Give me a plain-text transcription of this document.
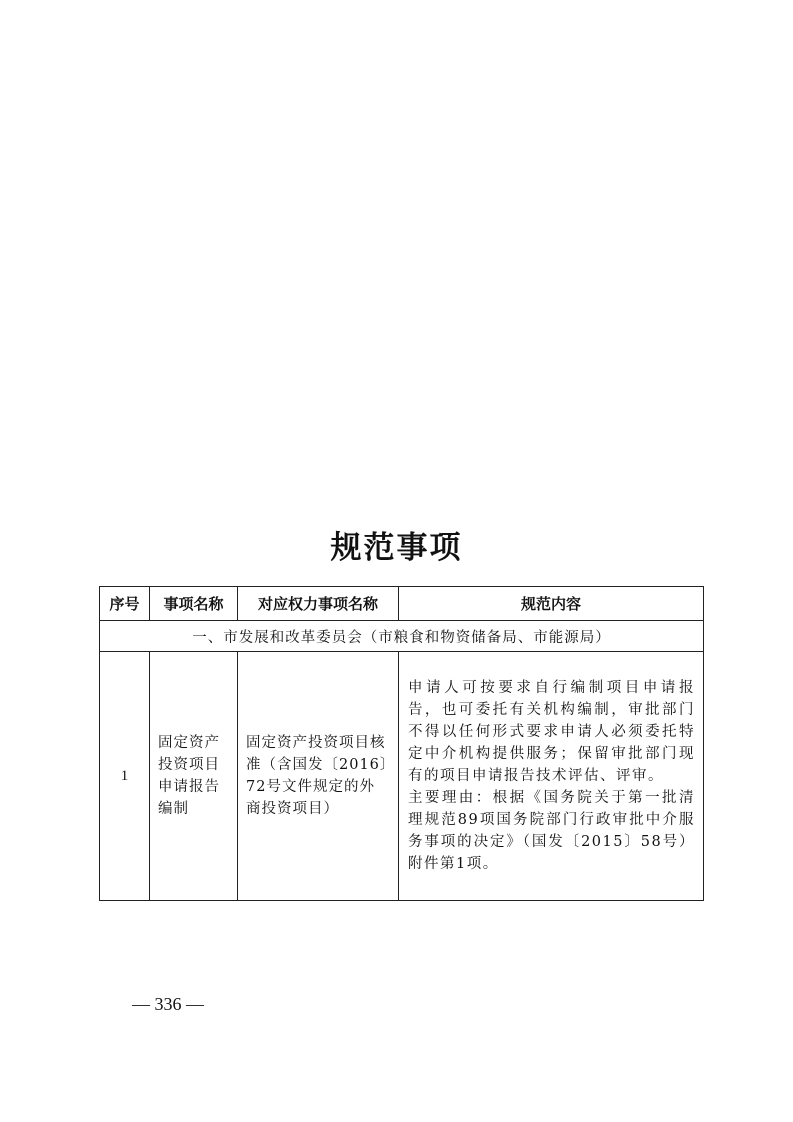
规范事项
序号	事项名称	对应权力事项名称	规范内容
一、市发展和改革委员会（市粮食和物资储备局、市能源局）			
1	固定资产投资项目申请报告编制	固定资产投资项目核准（含国发〔2016〕72号文件规定的外商投资项目）	申请人可按要求自行编制项目申请报告，也可委托有关机构编制，审批部门不得以任何形式要求申请人必须委托特定中介机构提供服务；保留审批部门现有的项目申请报告技术评估、评审。

主要理由：根据《国务院关于第一批清理规范89项国务院部门行政审批中介服务事项的决定》（国发〔2015〕58号）附件第1项。

— 336 —
